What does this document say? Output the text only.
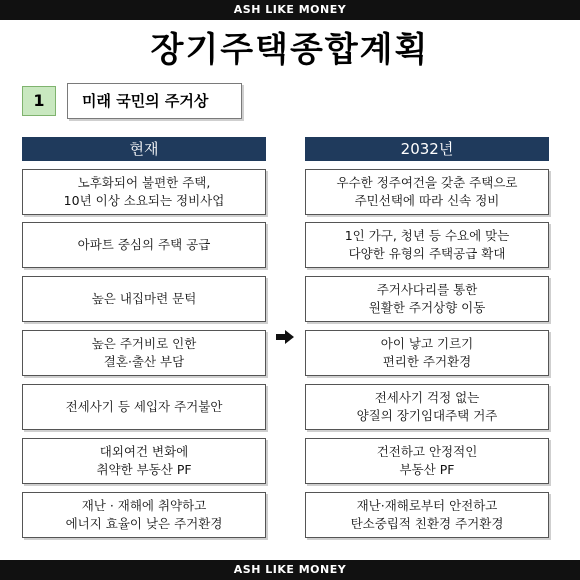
ASH LIKE MONEY
장기주택종합계획
1	미래 국민의 주거상
현재	2032년
노후화되어 불편한 주택,
10년 이상 소요되는 정비사업
우수한 정주여건을 갖춘 주택으로
주민선택에 따라 신속 정비
아파트 중심의 주택 공급
1인 가구, 청년 등 수요에 맞는
다양한 유형의 주택공급 확대
높은 내집마련 문턱
주거사다리를 통한
원활한 주거상향 이동
높은 주거비로 인한
결혼·출산 부담
아이 낳고 기르기
편리한 주거환경
전세사기 등 세입자 주거불안
전세사기 걱정 없는
양질의 장기임대주택 거주
대외여건 변화에
취약한 부동산 PF
건전하고 안정적인
부동산 PF
재난 · 재해에 취약하고
에너지 효율이 낮은 주거환경
재난·재해로부터 안전하고
탄소중립적 친환경 주거환경
ASH LIKE MONEY
